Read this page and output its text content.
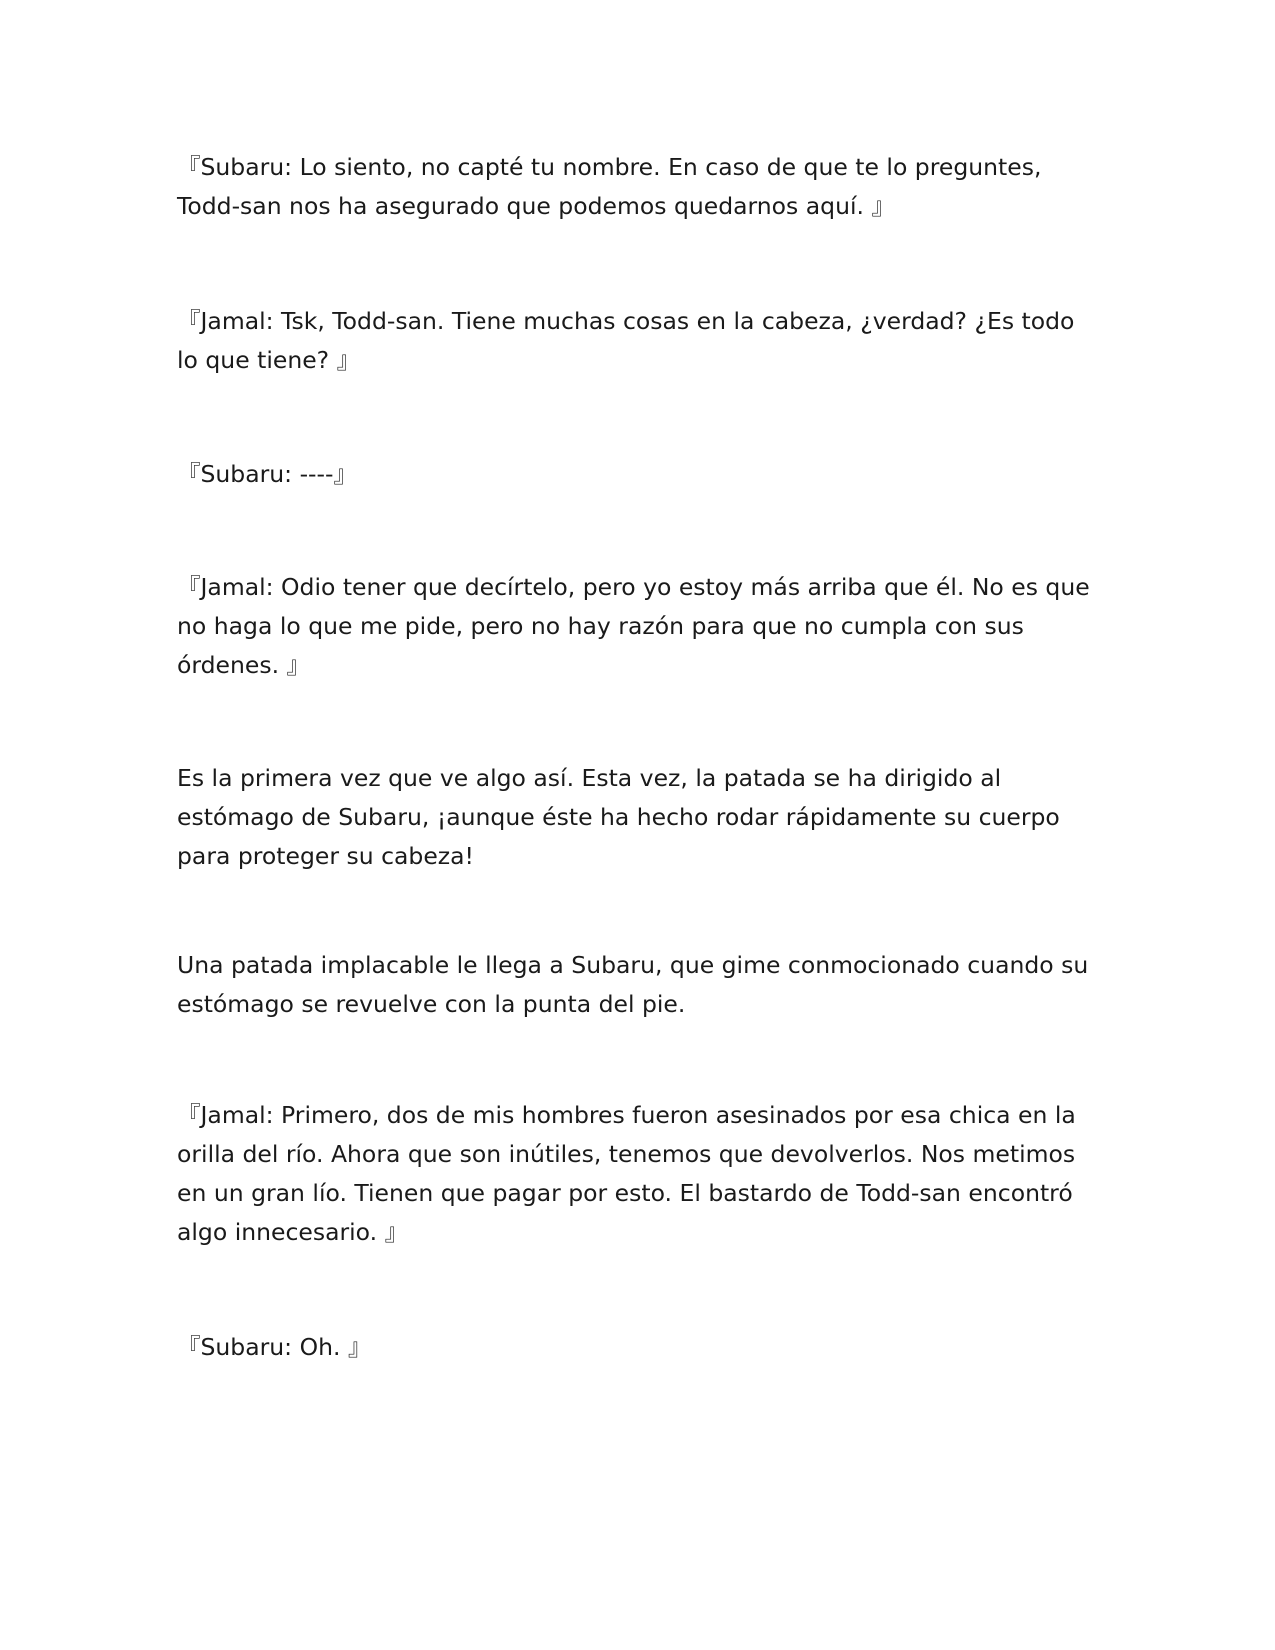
『Subaru: Lo siento, no capté tu nombre. En caso de que te lo preguntes, Todd-san nos ha asegurado que podemos quedarnos aquí. 』

『Jamal: Tsk, Todd-san. Tiene muchas cosas en la cabeza, ¿verdad? ¿Es todo lo que tiene? 』

『Subaru: ----』

『Jamal: Odio tener que decírtelo, pero yo estoy más arriba que él. No es que no haga lo que me pide, pero no hay razón para que no cumpla con sus órdenes. 』

Es la primera vez que ve algo así. Esta vez, la patada se ha dirigido al estómago de Subaru, ¡aunque éste ha hecho rodar rápidamente su cuerpo para proteger su cabeza!

Una patada implacable le llega a Subaru, que gime conmocionado cuando su estómago se revuelve con la punta del pie.

『Jamal: Primero, dos de mis hombres fueron asesinados por esa chica en la orilla del río. Ahora que son inútiles, tenemos que devolverlos. Nos metimos en un gran lío. Tienen que pagar por esto. El bastardo de Todd-san encontró algo innecesario. 』

『Subaru: Oh. 』
